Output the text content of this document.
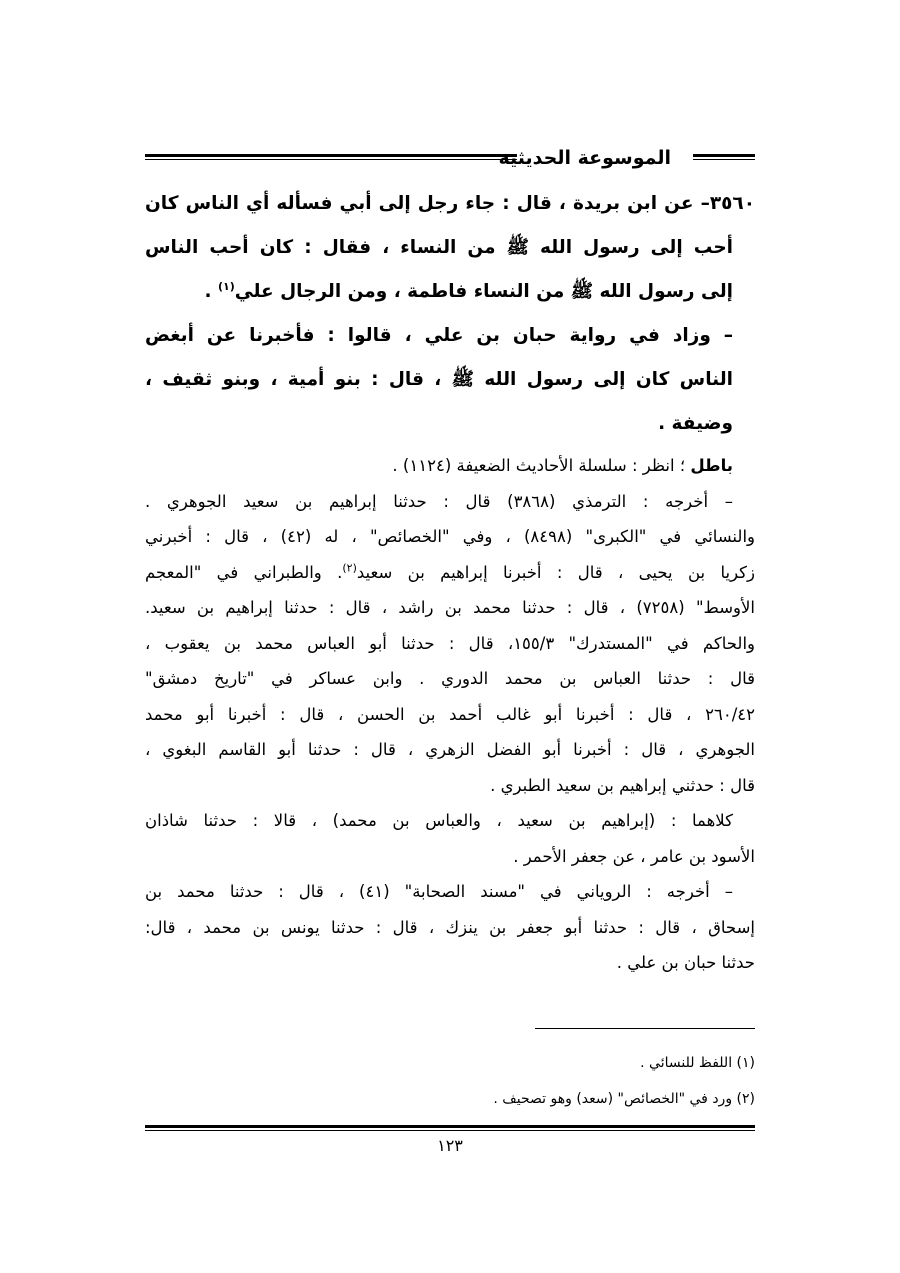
الموسوعة الحديثية
٣٥٦٠– عن ابن بريدة ، قال : جاء رجل إلى أبي فسأله أي الناس كان
أحب إلى رسول الله ﷺ من النساء ، فقال : كان أحب الناس
إلى رسول الله ﷺ من النساء فاطمة ، ومن الرجال علي$^{(١)}$ .
– وزاد في رواية حبان بن علي ، قالوا : فأخبرنا عن أبغض
الناس كان إلى رسول الله ﷺ ، قال : بنو أمية ، وبنو ثقيف ،
وضيفة .
باطل ؛ انظر : سلسلة الأحاديث الضعيفة (١١٢٤) .
– أخرجه : الترمذي (٣٨٦٨) قال : حدثنا إبراهيم بن سعيد الجوهري .
والنسائي في "الكبرى" (٨٤٩٨) ، وفي "الخصائص" ، له (٤٢) ، قال : أخبرني
زكريا بن يحيى ، قال : أخبرنا إبراهيم بن سعيد$^{(٢)}$. والطبراني في "المعجم
الأوسط" (٧٢٥٨) ، قال : حدثنا محمد بن راشد ، قال : حدثنا إبراهيم بن سعيد.
والحاكم في "المستدرك" ١٥٥/٣، قال : حدثنا أبو العباس محمد بن يعقوب ،
قال : حدثنا العباس بن محمد الدوري . وابن عساكر في "تاريخ دمشق"
٢٦٠/٤٢ ، قال : أخبرنا أبو غالب أحمد بن الحسن ، قال : أخبرنا أبو محمد
الجوهري ، قال : أخبرنا أبو الفضل الزهري ، قال : حدثنا أبو القاسم البغوي ،
قال : حدثني إبراهيم بن سعيد الطبري .
كلاهما : (إبراهيم بن سعيد ، والعباس بن محمد) ، قالا : حدثنا شاذان
الأسود بن عامر ، عن جعفر الأحمر .
– أخرجه : الروياني في "مسند الصحابة" (٤١) ، قال : حدثنا محمد بن
إسحاق ، قال : حدثنا أبو جعفر بن ينزك ، قال : حدثنا يونس بن محمد ، قال:
حدثنا حبان بن علي .
(١) اللفظ للنسائي .
(٢) ورد في "الخصائص" (سعد) وهو تصحيف .
١٢٣
